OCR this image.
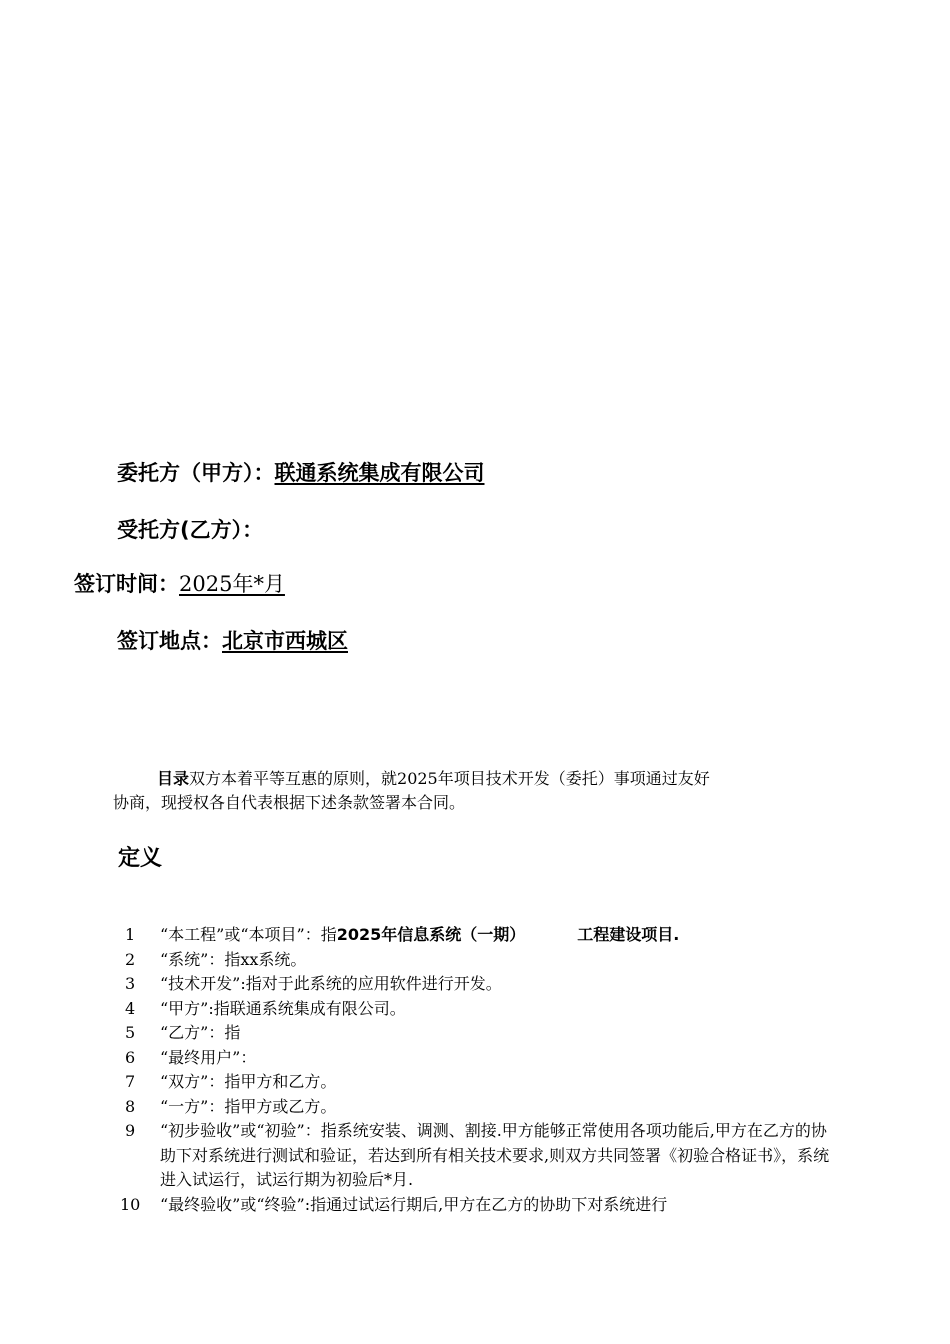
委托方（甲方）：联通系统集成有限公司
受托方(乙方）：
签订时间：2025年*月
签订地点：北京市西城区
目录双方本着平等互惠的原则，就2025年项目技术开发（委托）事项通过友好协商，现授权各自代表根据下述条款签署本合同。
定义
1	“本工程”或“本项目”：指2025年信息系统（一期）	工程建设项目.
2	“系统”：指xx系统。
3	“技术开发”:指对于此系统的应用软件进行开发。
4	“甲方”:指联通系统集成有限公司。
5	“乙方”：指
6	“最终用户”：
7	“双方”：指甲方和乙方。
8	“一方”：指甲方或乙方。
9	“初步验收”或“初验”：指系统安装、调测、割接.甲方能够正常使用各项功能后,甲方在乙方的协助下对系统进行测试和验证，若达到所有相关技术要求,则双方共同签署《初验合格证书》，系统进入试运行，试运行期为初验后*月.
10	“最终验收”或“终验”:指通过试运行期后,甲方在乙方的协助下对系统进行
